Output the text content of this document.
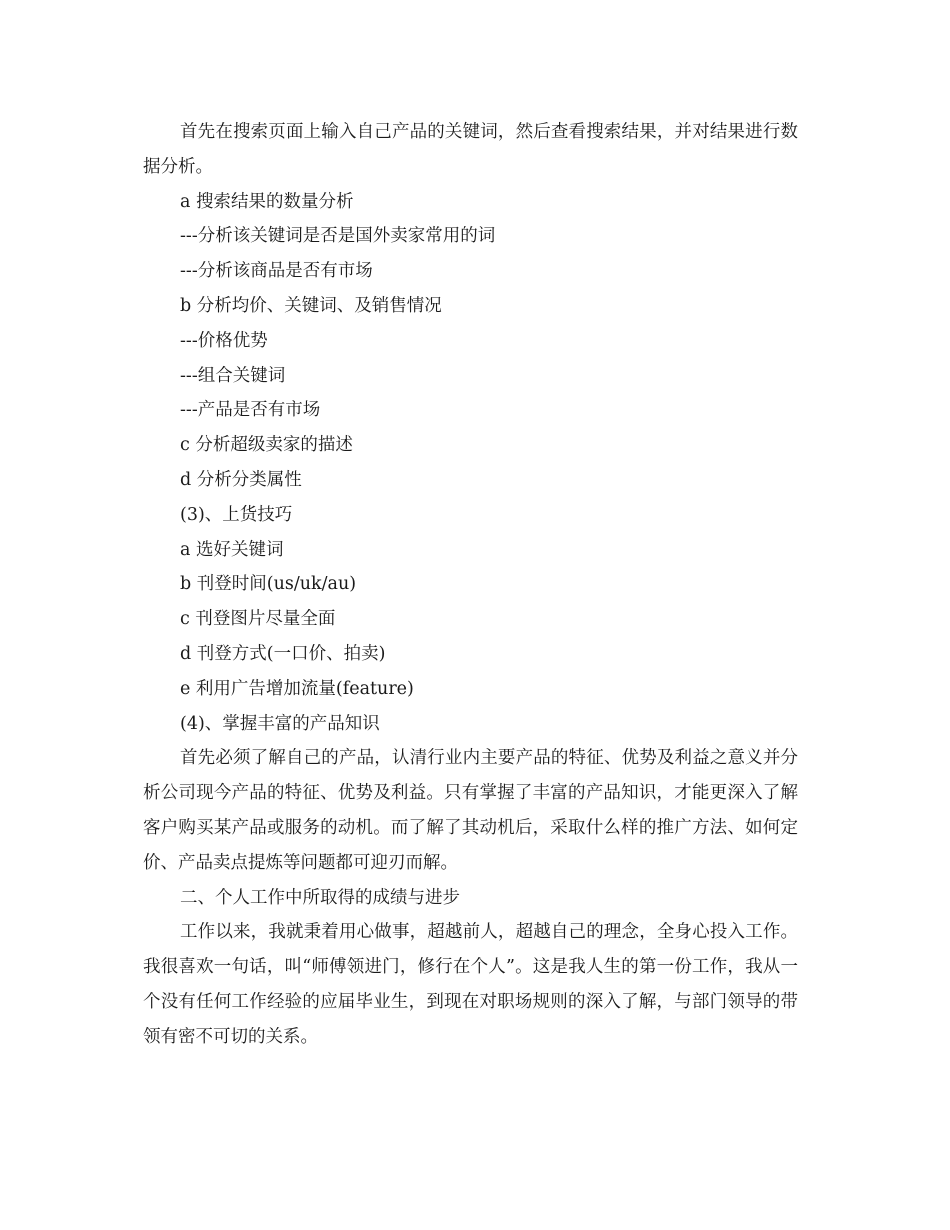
首先在搜索页面上输入自己产品的关键词，然后查看搜索结果，并对结果进行数据分析。

a 搜索结果的数量分析

---分析该关键词是否是国外卖家常用的词

---分析该商品是否有市场

b 分析均价、关键词、及销售情况

---价格优势

---组合关键词

---产品是否有市场

c 分析超级卖家的描述

d 分析分类属性

(3)、上货技巧

a 选好关键词

b 刊登时间(us/uk/au)

c 刊登图片尽量全面

d 刊登方式(一口价、拍卖)

e 利用广告增加流量(feature)

(4)、掌握丰富的产品知识

首先必须了解自己的产品，认清行业内主要产品的特征、优势及利益之意义并分析公司现今产品的特征、优势及利益。只有掌握了丰富的产品知识，才能更深入了解客户购买某产品或服务的动机。而了解了其动机后，采取什么样的推广方法、如何定价、产品卖点提炼等问题都可迎刃而解。

二、个人工作中所取得的成绩与进步

工作以来，我就秉着用心做事，超越前人，超越自己的理念，全身心投入工作。我很喜欢一句话，叫“师傅领进门，修行在个人”。这是我人生的第一份工作，我从一个没有任何工作经验的应届毕业生，到现在对职场规则的深入了解，与部门领导的带领有密不可切的关系。
